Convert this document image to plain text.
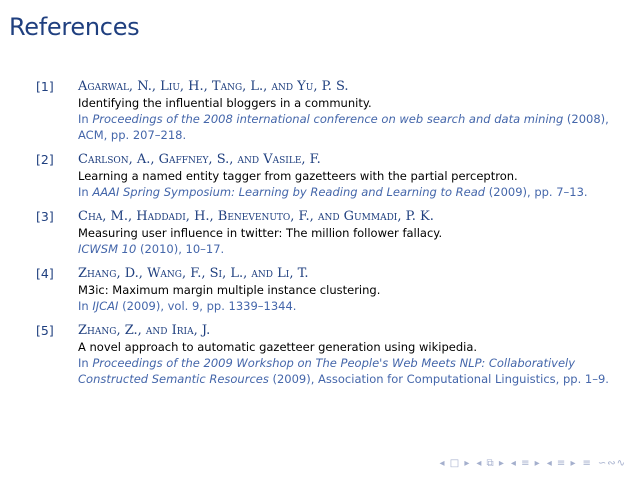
References
[1] Agarwal, N., Liu, H., Tang, L., and Yu, P. S.
Identifying the influential bloggers in a community.
In Proceedings of the 2008 international conference on web search and data mining (2008), ACM, pp. 207–218.
[2] Carlson, A., Gaffney, S., and Vasile, F.
Learning a named entity tagger from gazetteers with the partial perceptron.
In AAAI Spring Symposium: Learning by Reading and Learning to Read (2009), pp. 7–13.
[3] Cha, M., Haddadi, H., Benevenuto, F., and Gummadi, P. K.
Measuring user influence in twitter: The million follower fallacy.
ICWSM 10 (2010), 10–17.
[4] Zhang, D., Wang, F., Si, L., and Li, T.
M3ic: Maximum margin multiple instance clustering.
In IJCAI (2009), vol. 9, pp. 1339–1344.
[5] Zhang, Z., and Iria, J.
A novel approach to automatic gazetteer generation using wikipedia.
In Proceedings of the 2009 Workshop on The People's Web Meets NLP: Collaboratively Constructed Semantic Resources (2009), Association for Computational Linguistics, pp. 1–9.
◂ □ ▸ ◂ ⧉ ▸ ◂ ≡ ▸ ◂ ≡ ▸ ≡ ∽∾∿
